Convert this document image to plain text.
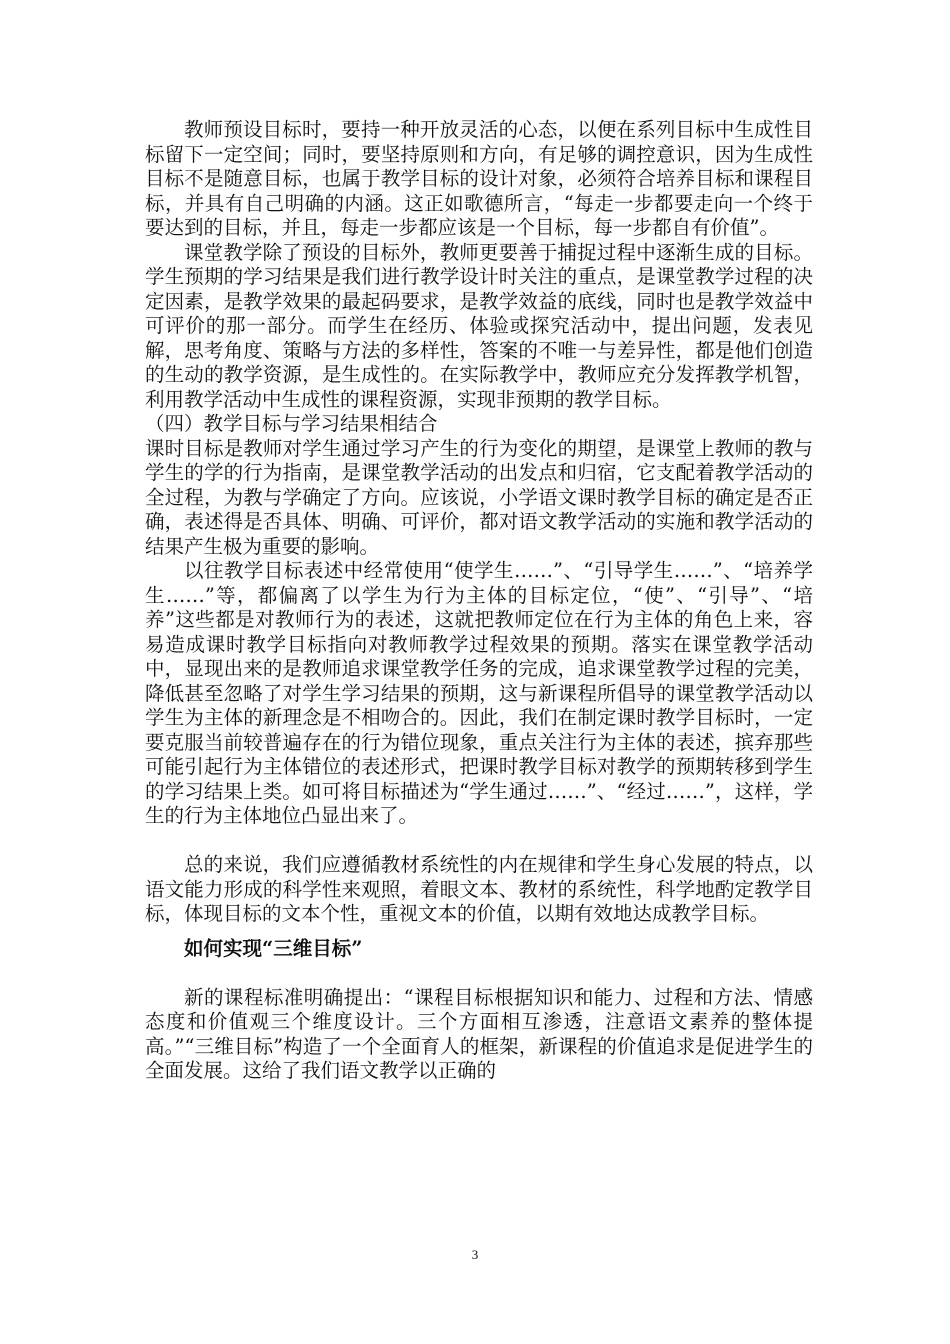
教师预设目标时，要持一种开放灵活的心态，以便在系列目标中生成性目标留下一定空间；同时，要坚持原则和方向，有足够的调控意识，因为生成性目标不是随意目标，也属于教学目标的设计对象，必须符合培养目标和课程目标，并具有自己明确的内涵。这正如歌德所言，“每走一步都要走向一个终于要达到的目标，并且，每走一步都应该是一个目标，每一步都自有价值”。

课堂教学除了预设的目标外，教师更要善于捕捉过程中逐渐生成的目标。学生预期的学习结果是我们进行教学设计时关注的重点，是课堂教学过程的决定因素，是教学效果的最起码要求，是教学效益的底线，同时也是教学效益中可评价的那一部分。而学生在经历、体验或探究活动中，提出问题，发表见解，思考角度、策略与方法的多样性，答案的不唯一与差异性，都是他们创造的生动的教学资源，是生成性的。在实际教学中，教师应充分发挥教学机智，利用教学活动中生成性的课程资源，实现非预期的教学目标。

（四）教学目标与学习结果相结合

课时目标是教师对学生通过学习产生的行为变化的期望，是课堂上教师的教与学生的学的行为指南，是课堂教学活动的出发点和归宿，它支配着教学活动的全过程，为教与学确定了方向。应该说，小学语文课时教学目标的确定是否正确，表述得是否具体、明确、可评价，都对语文教学活动的实施和教学活动的结果产生极为重要的影响。

以往教学目标表述中经常使用“使学生……”、“引导学生……”、“培养学生……”等，都偏离了以学生为行为主体的目标定位，“使”、“引导”、“培养”这些都是对教师行为的表述，这就把教师定位在行为主体的角色上来，容易造成课时教学目标指向对教师教学过程效果的预期。落实在课堂教学活动中，显现出来的是教师追求课堂教学任务的完成，追求课堂教学过程的完美，降低甚至忽略了对学生学习结果的预期，这与新课程所倡导的课堂教学活动以学生为主体的新理念是不相吻合的。因此，我们在制定课时教学目标时，一定要克服当前较普遍存在的行为错位现象，重点关注行为主体的表述，摈弃那些可能引起行为主体错位的表述形式，把课时教学目标对教学的预期转移到学生的学习结果上类。如可将目标描述为“学生通过……”、“经过……”，这样，学生的行为主体地位凸显出来了。

总的来说，我们应遵循教材系统性的内在规律和学生身心发展的特点，以语文能力形成的科学性来观照，着眼文本、教材的系统性，科学地酌定教学目标，体现目标的文本个性，重视文本的价值，以期有效地达成教学目标。

如何实现“三维目标”

新的课程标准明确提出：“课程目标根据知识和能力、过程和方法、情感态度和价值观三个维度设计。三个方面相互渗透，注意语文素养的整体提高。”“三维目标”构造了一个全面育人的框架，新课程的价值追求是促进学生的全面发展。这给了我们语文教学以正确的

3
